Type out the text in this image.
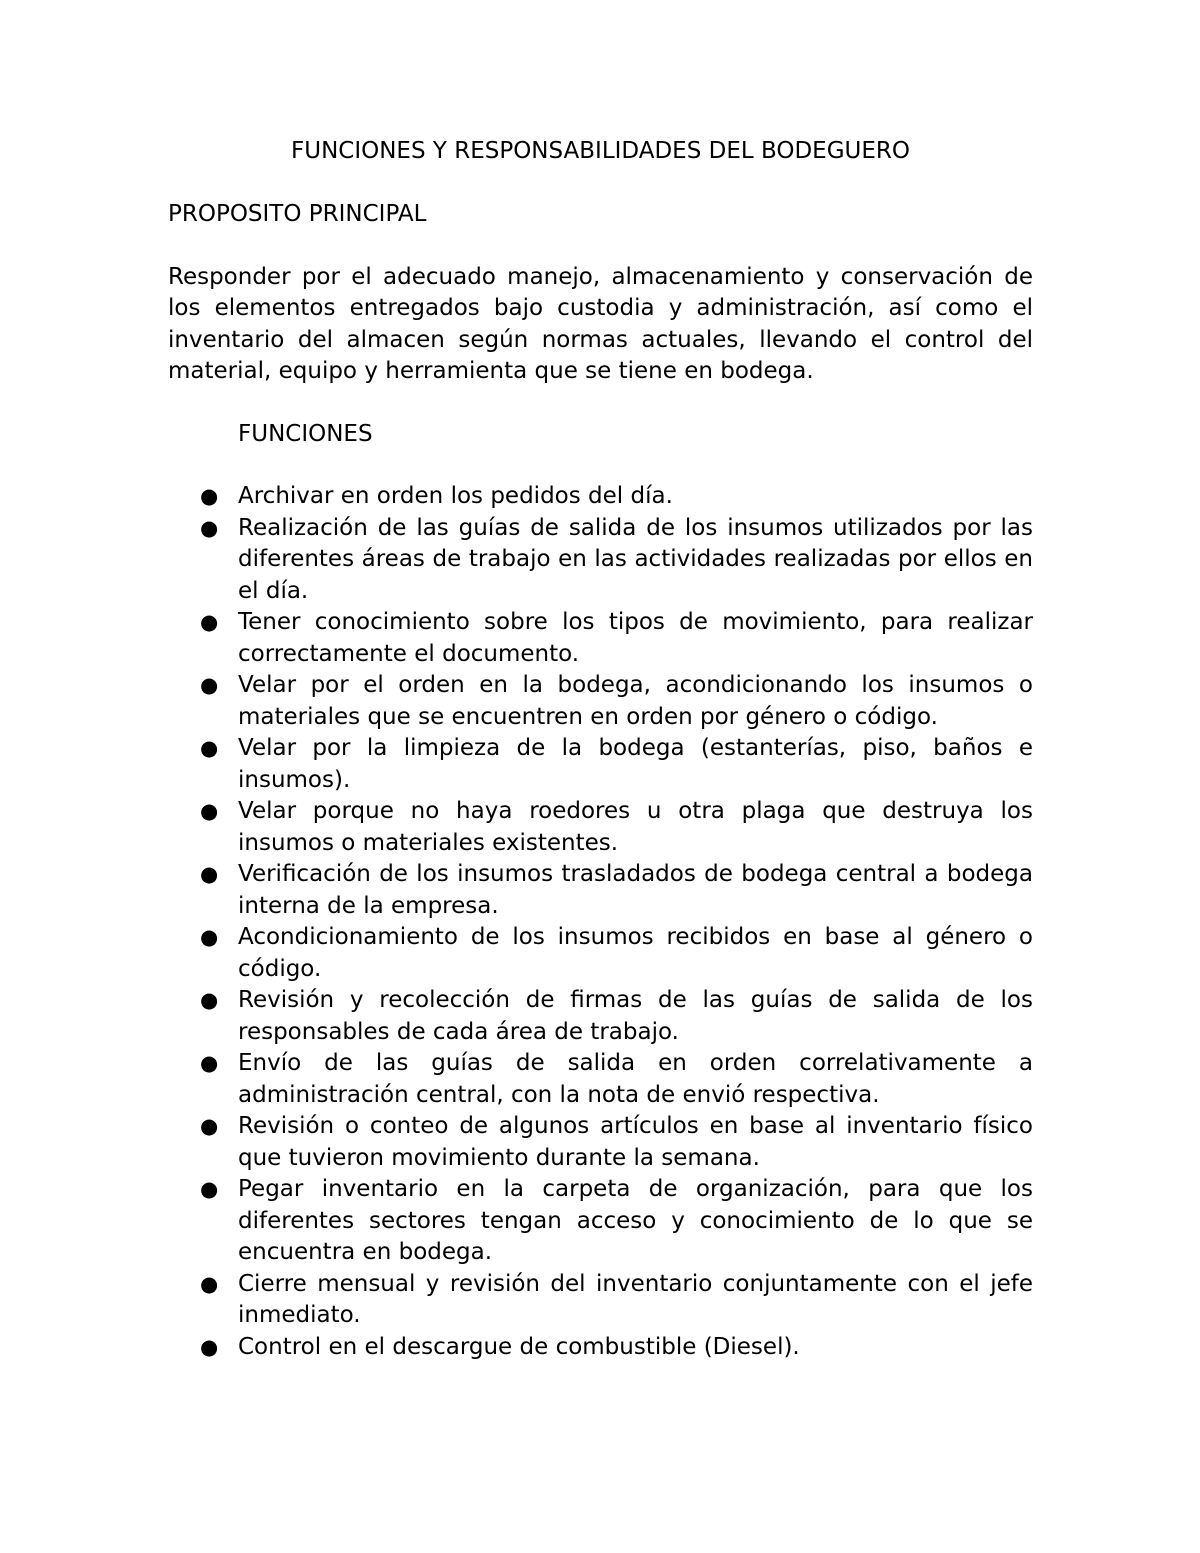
FUNCIONES Y RESPONSABILIDADES DEL BODEGUERO
PROPOSITO PRINCIPAL

Responder por el adecuado manejo, almacenamiento y conservación de los elementos entregados bajo custodia y administración, así como el inventario del almacen según normas actuales, llevando el control del material, equipo y herramienta que se tiene en bodega.

FUNCIONES
● Archivar en orden los pedidos del día.
● Realización de las guías de salida de los insumos utilizados por las diferentes áreas de trabajo en las actividades realizadas por ellos en el día.
● Tener conocimiento sobre los tipos de movimiento, para realizar correctamente el documento.
● Velar por el orden en la bodega, acondicionando los insumos o materiales que se encuentren en orden por género o código.
● Velar por la limpieza de la bodega (estanterías, piso, baños e insumos).
● Velar porque no haya roedores u otra plaga que destruya los insumos o materiales existentes.
● Verificación de los insumos trasladados de bodega central a bodega interna de la empresa.
● Acondicionamiento de los insumos recibidos en base al género o código.
● Revisión y recolección de firmas de las guías de salida de los responsables de cada área de trabajo.
● Envío de las guías de salida en orden correlativamente a administración central, con la nota de envió respectiva.
● Revisión o conteo de algunos artículos en base al inventario físico que tuvieron movimiento durante la semana.
● Pegar inventario en la carpeta de organización, para que los diferentes sectores tengan acceso y conocimiento de lo que se encuentra en bodega.
● Cierre mensual y revisión del inventario conjuntamente con el jefe inmediato.
● Control en el descargue de combustible (Diesel).
